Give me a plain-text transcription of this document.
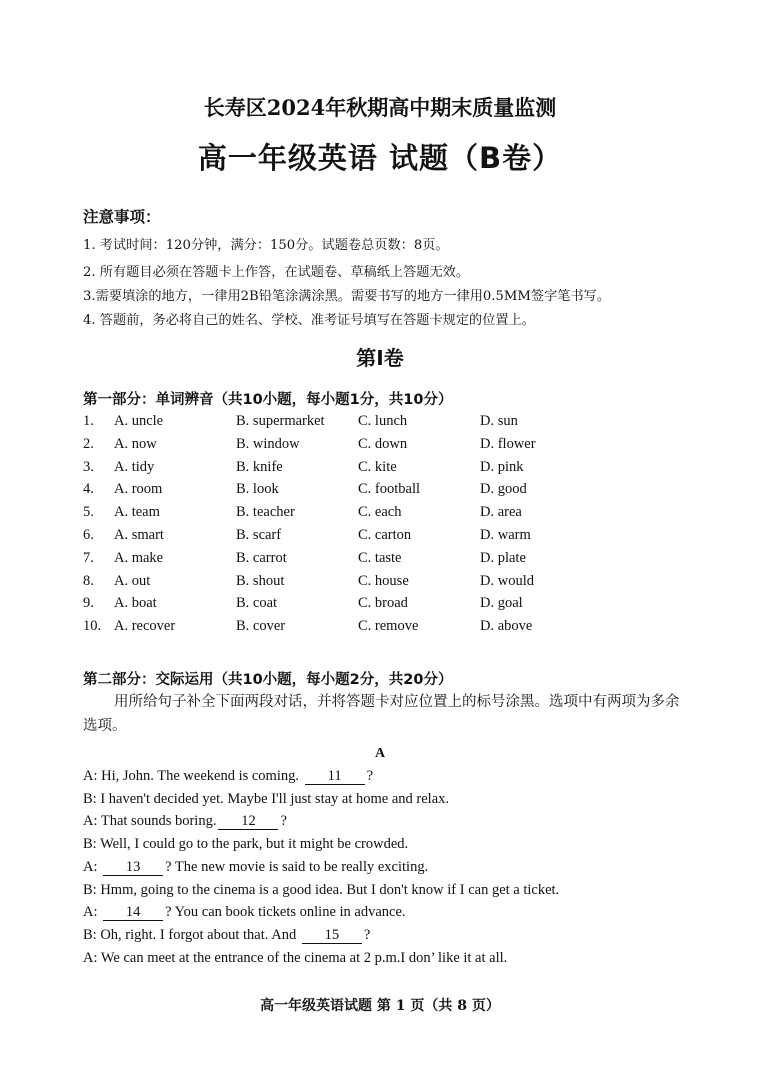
长寿区2024年秋期高中期末质量监测
高一年级英语 试题（B卷）
注意事项：
1. 考试时间：120分钟，满分：150分。试题卷总页数：8页。
2. 所有题目必须在答题卡上作答，在试题卷、草稿纸上答题无效。
3.需要填涂的地方，一律用2B铅笔涂满涂黑。需要书写的地方一律用0.5MM签字笔书写。
4. 答题前，务必将自己的姓名、学校、准考证号填写在答题卡规定的位置上。
第Ⅰ卷
第一部分：单词辨音（共10小题，每小题1分，共10分）
1. A. uncle	B. supermarket C. lunch	D. sun
2. A. now	B. window	C. down	D. flower
3. A. tidy	B. knife	C. kite	D. pink
4. A. room	B. look	C. football	D. good
5. A. team	B. teacher	C. each	D. area
6. A. smart	B. scarf	C. carton	D. warm
7. A. make	B. carrot	C. taste	D. plate
8. A. out	B. shout	C. house	D. would
9. A. boat	B. coat	C. broad	D. goal
10. A. recover	B. cover	C. remove	D. above
第二部分：交际运用（共10小题，每小题2分，共20分）
用所给句子补全下面两段对话，并将答题卡对应位置上的标号涂黑。选项中有两项为多余选项。
A
A: Hi, John. The weekend is coming. 11 ?
B: I haven't decided yet. Maybe I'll just stay at home and relax.
A: That sounds boring. 12 ?
B: Well, I could go to the park, but it might be crowded.
A: 13 ? The new movie is said to be really exciting.
B: Hmm, going to the cinema is a good idea. But I don't know if I can get a ticket.
A: 14 ? You can book tickets online in advance.
B: Oh, right. I forgot about that. And 15 ?
A: We can meet at the entrance of the cinema at 2 p.m.I don’ like it at all.
高一年级英语试题 第 1 页（共 8 页）
